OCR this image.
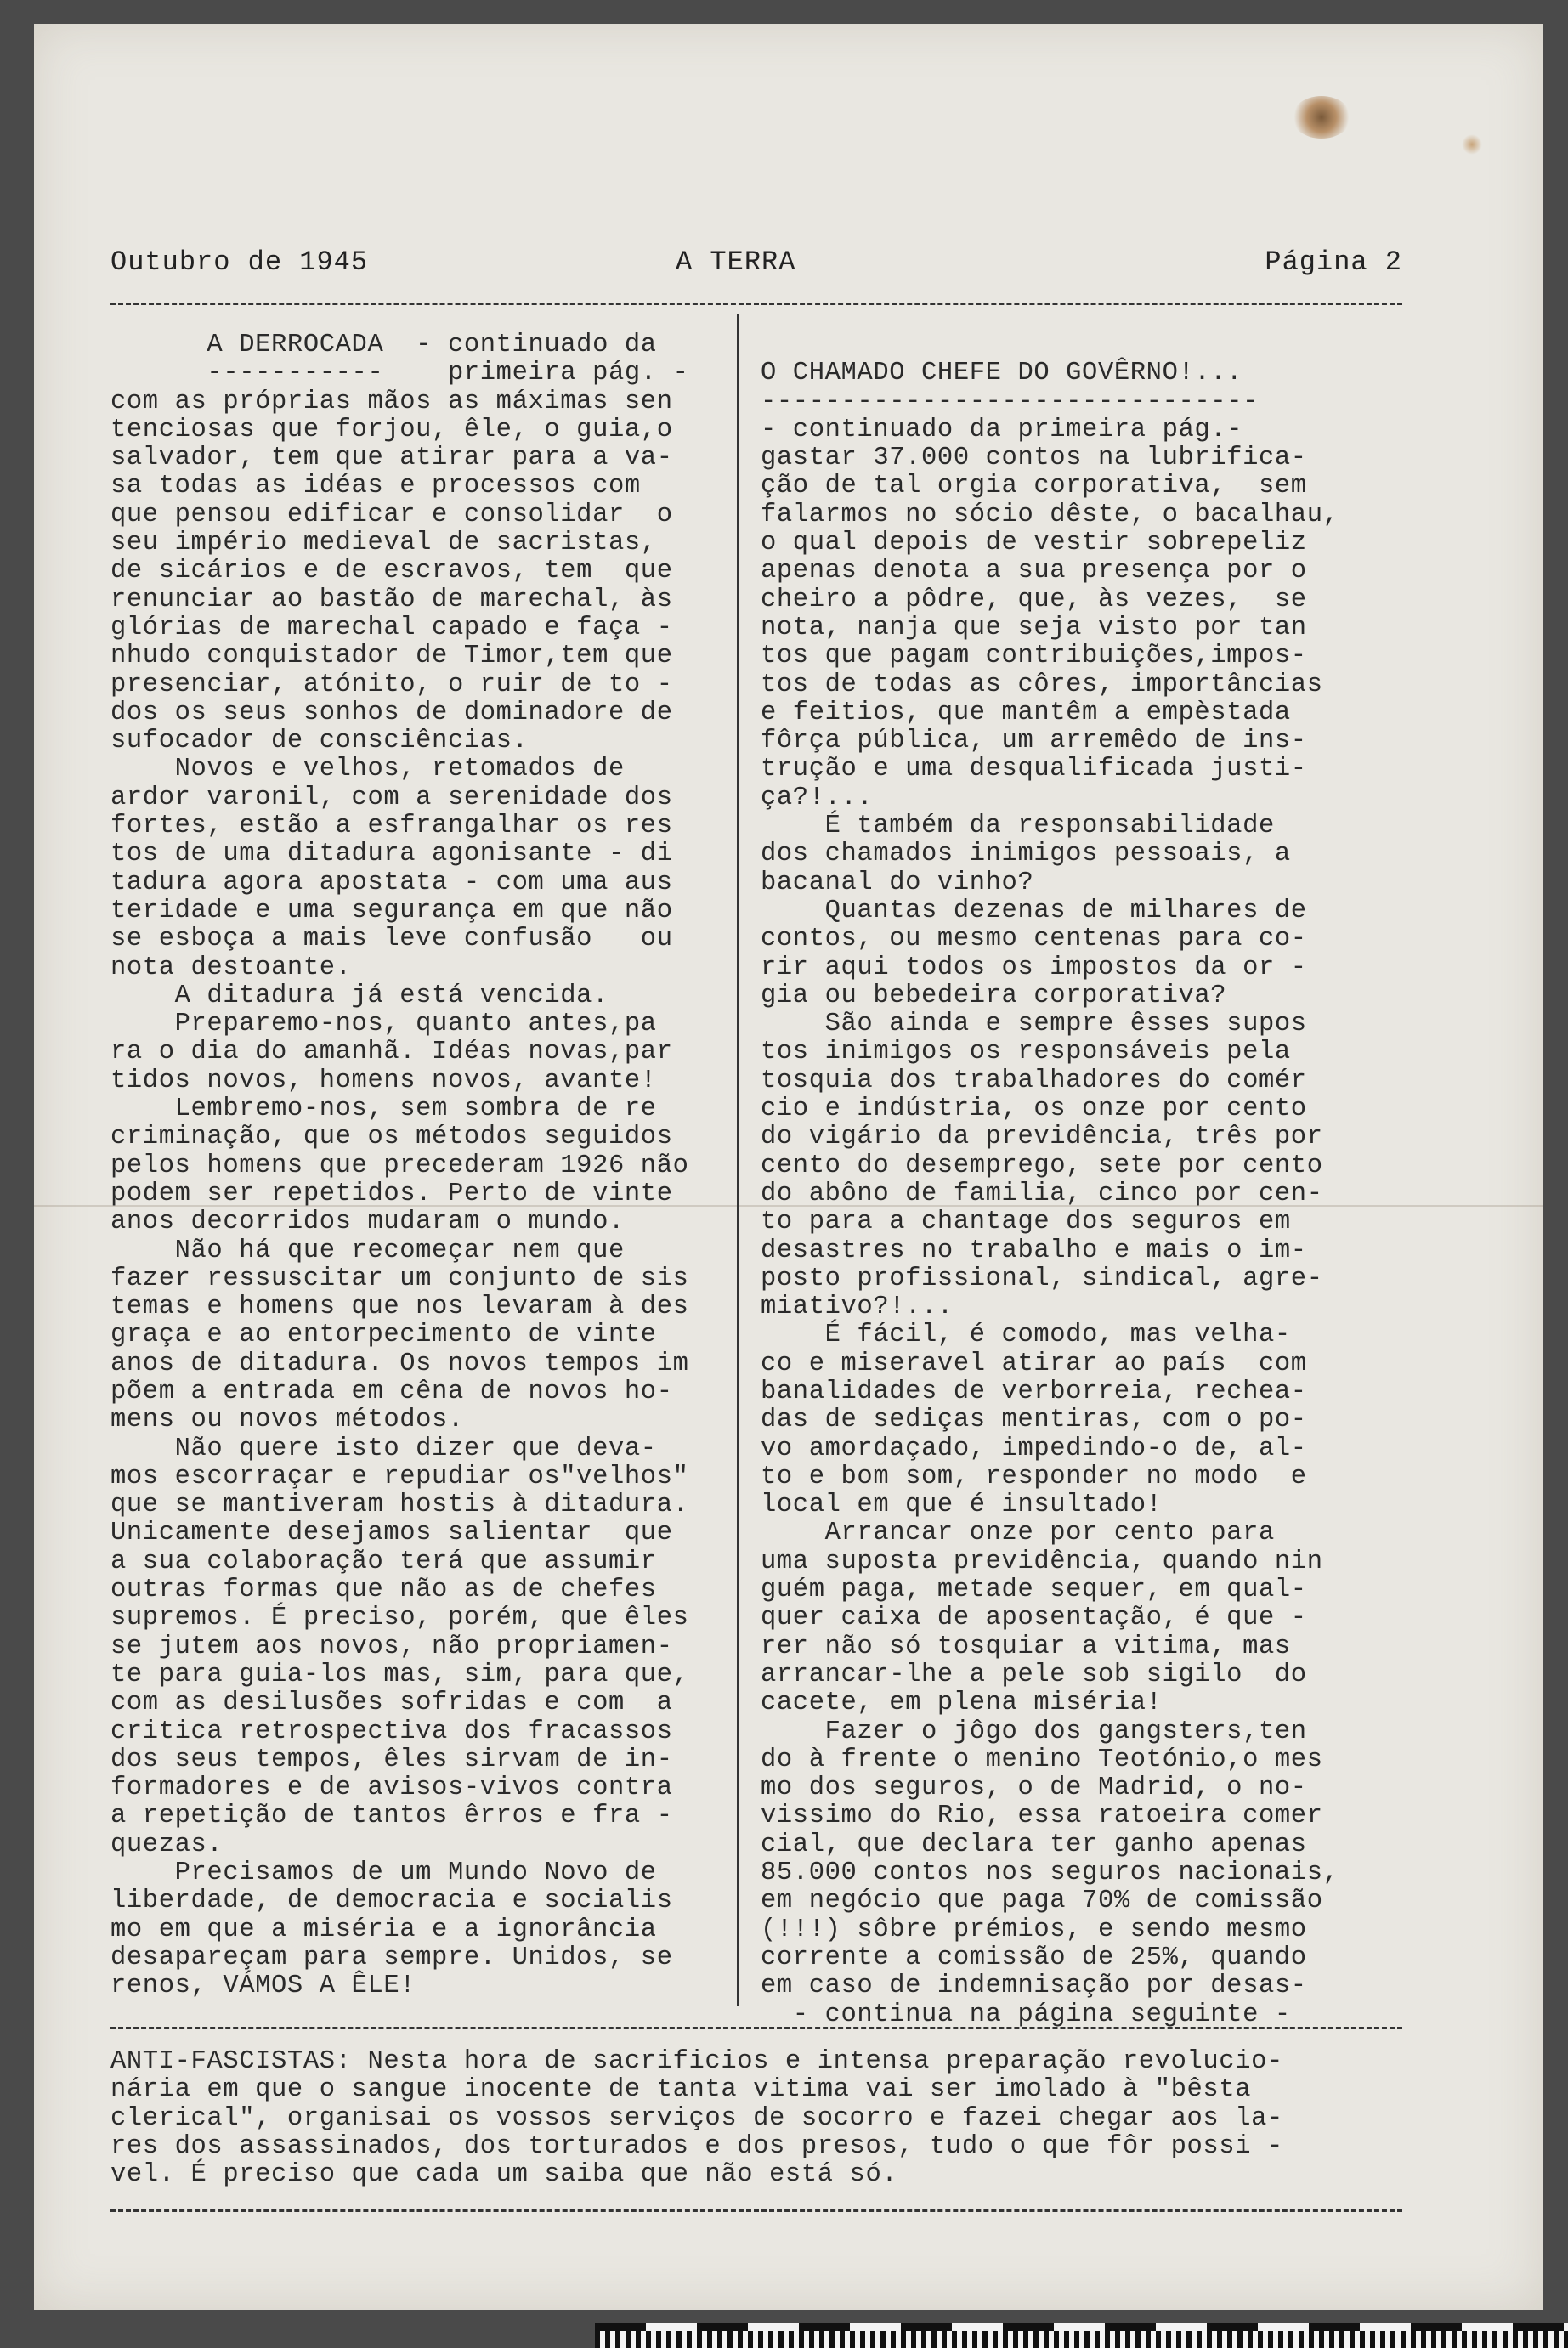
Outubro de 1945	A TERRA	Página 2
A DERROCADA  - continuado da
-----------    primeira pág. -
com as próprias mãos as máximas sen
tenciosas que forjou, êle, o guia,o
salvador, tem que atirar para a va-
sa todas as idéas e processos com
que pensou edificar e consolidar  o
seu império medieval de sacristas,
de sicários e de escravos, tem  que
renunciar ao bastão de marechal, às
glórias de marechal capado e faça -
nhudo conquistador de Timor,tem que
presenciar, atónito, o ruir de to -
dos os seus sonhos de dominadore de
sufocador de consciências.
Novos e velhos, retomados de
ardor varonil, com a serenidade dos
fortes, estão a esfrangalhar os res
tos de uma ditadura agonisante - di
tadura agora apostata - com uma aus
teridade e uma segurança em que não
se esboça a mais leve confusão   ou
nota destoante.
A ditadura já está vencida.
Preparemo-nos, quanto antes,pa
ra o dia do amanhã. Idéas novas,par
tidos novos, homens novos, avante!
Lembremo-nos, sem sombra de re
criminação, que os métodos seguidos
pelos homens que precederam 1926 não
podem ser repetidos. Perto de vinte
anos decorridos mudaram o mundo.
Não há que recomeçar nem que
fazer ressuscitar um conjunto de sis
temas e homens que nos levaram à des
graça e ao entorpecimento de vinte
anos de ditadura. Os novos tempos im
põem a entrada em cêna de novos ho-
mens ou novos métodos.
Não quere isto dizer que deva-
mos escorraçar e repudiar os"velhos"
que se mantiveram hostis à ditadura.
Unicamente desejamos salientar  que
a sua colaboração terá que assumir
outras formas que não as de chefes
supremos. É preciso, porém, que êles
se jutem aos novos, não propriamen-
te para guia-los mas, sim, para que,
com as desilusões sofridas e com  a
critica retrospectiva dos fracassos
dos seus tempos, êles sirvam de in-
formadores e de avisos-vivos contra
a repetição de tantos êrros e fra -
quezas.
Precisamos de um Mundo Novo de
liberdade, de democracia e socialis
mo em que a miséria e a ignorância
desapareçam para sempre. Unidos, se
renos, VÁMOS A ÊLE!
O CHAMADO CHEFE DO GOVÊRNO!...
-------------------------------
- continuado da primeira pág.-
gastar 37.000 contos na lubrifica-
ção de tal orgia corporativa,  sem
falarmos no sócio dêste, o bacalhau,
o qual depois de vestir sobrepeliz
apenas denota a sua presença por o
cheiro a pôdre, que, às vezes,  se
nota, nanja que seja visto por tan
tos que pagam contribuições,impos-
tos de todas as côres, importâncias
e feitios, que mantêm a empèstada
fôrça pública, um arremêdo de ins-
trução e uma desqualificada justi-
ça?!...
É também da responsabilidade
dos chamados inimigos pessoais, a
bacanal do vinho?
Quantas dezenas de milhares de
contos, ou mesmo centenas para co-
rir aqui todos os impostos da or -
gia ou bebedeira corporativa?
São ainda e sempre êsses supos
tos inimigos os responsáveis pela
tosquia dos trabalhadores do comér
cio e indústria, os onze por cento
do vigário da previdência, três por
cento do desemprego, sete por cento
do abôno de familia, cinco por cen-
to para a chantage dos seguros em
desastres no trabalho e mais o im-
posto profissional, sindical, agre-
miativo?!...
É fácil, é comodo, mas velha-
co e miseravel atirar ao país  com
banalidades de verborreia, recheа-
das de sediças mentiras, com o po-
vo amordaçado, impedindo-o de, al-
to e bom som, responder no modo  e
local em que é insultado!
Arrancar onze por cento para
uma suposta previdência, quando nin
guém paga, metade sequer, em qual-
quer caixa de aposentação, é que -
rer não só tosquiar a vitima, mas
arrancar-lhe a pele sob sigilo  do
cacete, em plena miséria!
Fazer o jôgo dos gangsters,ten
do à frente o menino Teotónio,o mes
mo dos seguros, o de Madrid, o no-
vissimo do Rio, essa ratoeira comer
cial, que declara ter ganho apenas
85.000 contos nos seguros nacionais,
em negócio que paga 70% de comissão
(!!!) sôbre prémios, e sendo mesmo
corrente a comissão de 25%, quando
em caso de indemnisação por desas-
- continua na página seguinte -
ANTI-FASCISTAS: Nesta hora de sacrificios e intensa preparação revolucio-
nária em que o sangue inocente de tanta vitima vai ser imolado à "bêsta
clerical", organisai os vossos serviços de socorro e fazei chegar aos la-
res dos assassinados, dos torturados e dos presos, tudo o que fôr possi -
vel. É preciso que cada um saiba que não está só.
